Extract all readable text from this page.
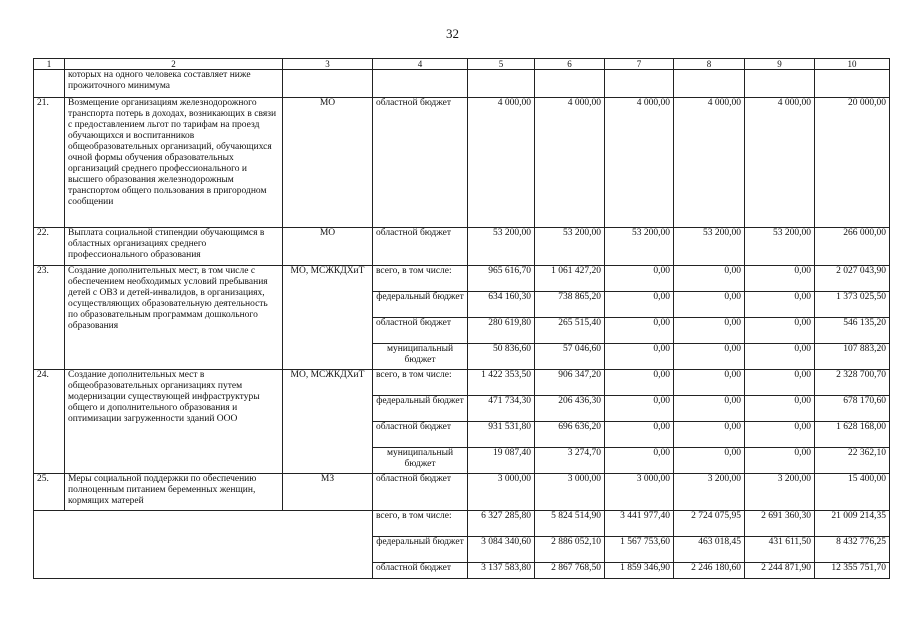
32
1	2	3	4	5	6	7	8	9	10
	которых на одного человека составляет ниже прожиточного минимума								
21.	Возмещение организациям железнодорожного транспорта потерь в доходах, возникающих в связи с предоставлением льгот по тарифам на проезд обучающихся и воспитанников общеобразовательных организаций, обучающихся очной формы обучения образовательных организаций среднего профессионального и высшего образования железнодорожным транспортом общего пользования в пригородном сообщении	МО	областной бюджет	4 000,00	4 000,00	4 000,00	4 000,00	4 000,00	20 000,00
22.	Выплата социальной стипендии обучающимся в областных организациях среднего профессионального образования	МО	областной бюджет	53 200,00	53 200,00	53 200,00	53 200,00	53 200,00	266 000,00
23.	Создание дополнительных мест, в том числе с обеспечением необходимых условий пребывания детей с ОВЗ и детей-инвалидов, в организациях, осуществляющих образовательную деятельность по образовательным программам дошкольного образования	МО, МСЖКДХиТ	всего, в том числе:	965 616,70	1 061 427,20	0,00	0,00	0,00	2 027 043,90

			федеральный бюджет	634 160,30	738 865,20	0,00	0,00	0,00	1 373 025,50
			областной бюджет	280 619,80	265 515,40	0,00	0,00	0,00	546 135,20

			муниципальный бюджет	50 836,60	57 046,60	0,00	0,00	0,00	107 883,20
24.	Создание дополнительных мест в общеобразовательных организациях путем модернизации существующей инфраструктуры общего и дополнительного образования и оптимизации загруженности зданий ООО	МО, МСЖКДХиТ	всего, в том числе:	1 422 353,50	906 347,20	0,00	0,00	0,00	2 328 700,70

			федеральный бюджет	471 734,30	206 436,30	0,00	0,00	0,00	678 170,60
			областной бюджет	931 531,80	696 636,20	0,00	0,00	0,00	1 628 168,00

			муниципальный бюджет	19 087,40	3 274,70	0,00	0,00	0,00	22 362,10
25.	Меры социальной поддержки по обеспечению полноценным питанием беременных женщин, кормящих матерей	МЗ	областной бюджет	3 000,00	3 000,00	3 000,00	3 200,00	3 200,00	15 400,00
			всего, в том числе:	6 327 285,80	5 824 514,90	3 441 977,40	2 724 075,95	2 691 360,30	21 009 214,35

			федеральный бюджет	3 084 340,60	2 886 052,10	1 567 753,60	463 018,45	431 611,50	8 432 776,25
			областной бюджет	3 137 583,80	2 867 768,50	1 859 346,90	2 246 180,60	2 244 871,90	12 355 751,70
